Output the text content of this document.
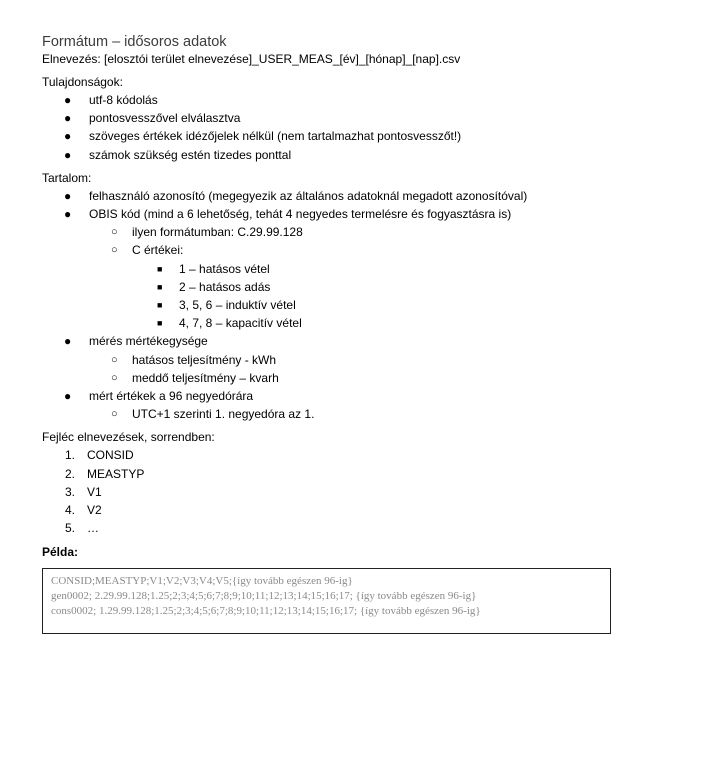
Formátum – idősoros adatok
Elnevezés: [elosztói terület elnevezése]_USER_MEAS_[év]_[hónap]_[nap].csv
Tulajdonságok:
● utf-8 kódolás
● pontosvesszővel elválasztva
● szöveges értékek idézőjelek nélkül (nem tartalmazhat pontosvesszőt!)
● számok szükség estén tizedes ponttal
Tartalom:
● felhasználó azonosító (megegyezik az általános adatoknál megadott azonosítóval)
● OBIS kód (mind a 6 lehetőség, tehát 4 negyedes termelésre és fogyasztásra is)
○ ilyen formátumban: C.29.99.128
○ C értékei:
■ 1 – hatásos vétel
■ 2 – hatásos adás
■ 3, 5, 6 – induktív vétel
■ 4, 7, 8 – kapacitív vétel
● mérés mértékegysége
○ hatásos teljesítmény - kWh
○ meddő teljesítmény – kvarh
● mért értékek a 96 negyedórára
○ UTC+1 szerinti 1. negyedóra az 1.
Fejléc elnevezések, sorrendben:
1. CONSID
2. MEASTYP
3. V1
4. V2
5. …
Példa:
CONSID;MEASTYP;V1;V2;V3;V4;V5;{így tovább egészen 96-ig}
gen0002; 2.29.99.128;1.25;2;3;4;5;6;7;8;9;10;11;12;13;14;15;16;17; {így tovább egészen 96-ig}
cons0002; 1.29.99.128;1.25;2;3;4;5;6;7;8;9;10;11;12;13;14;15;16;17; {így tovább egészen 96-ig}
